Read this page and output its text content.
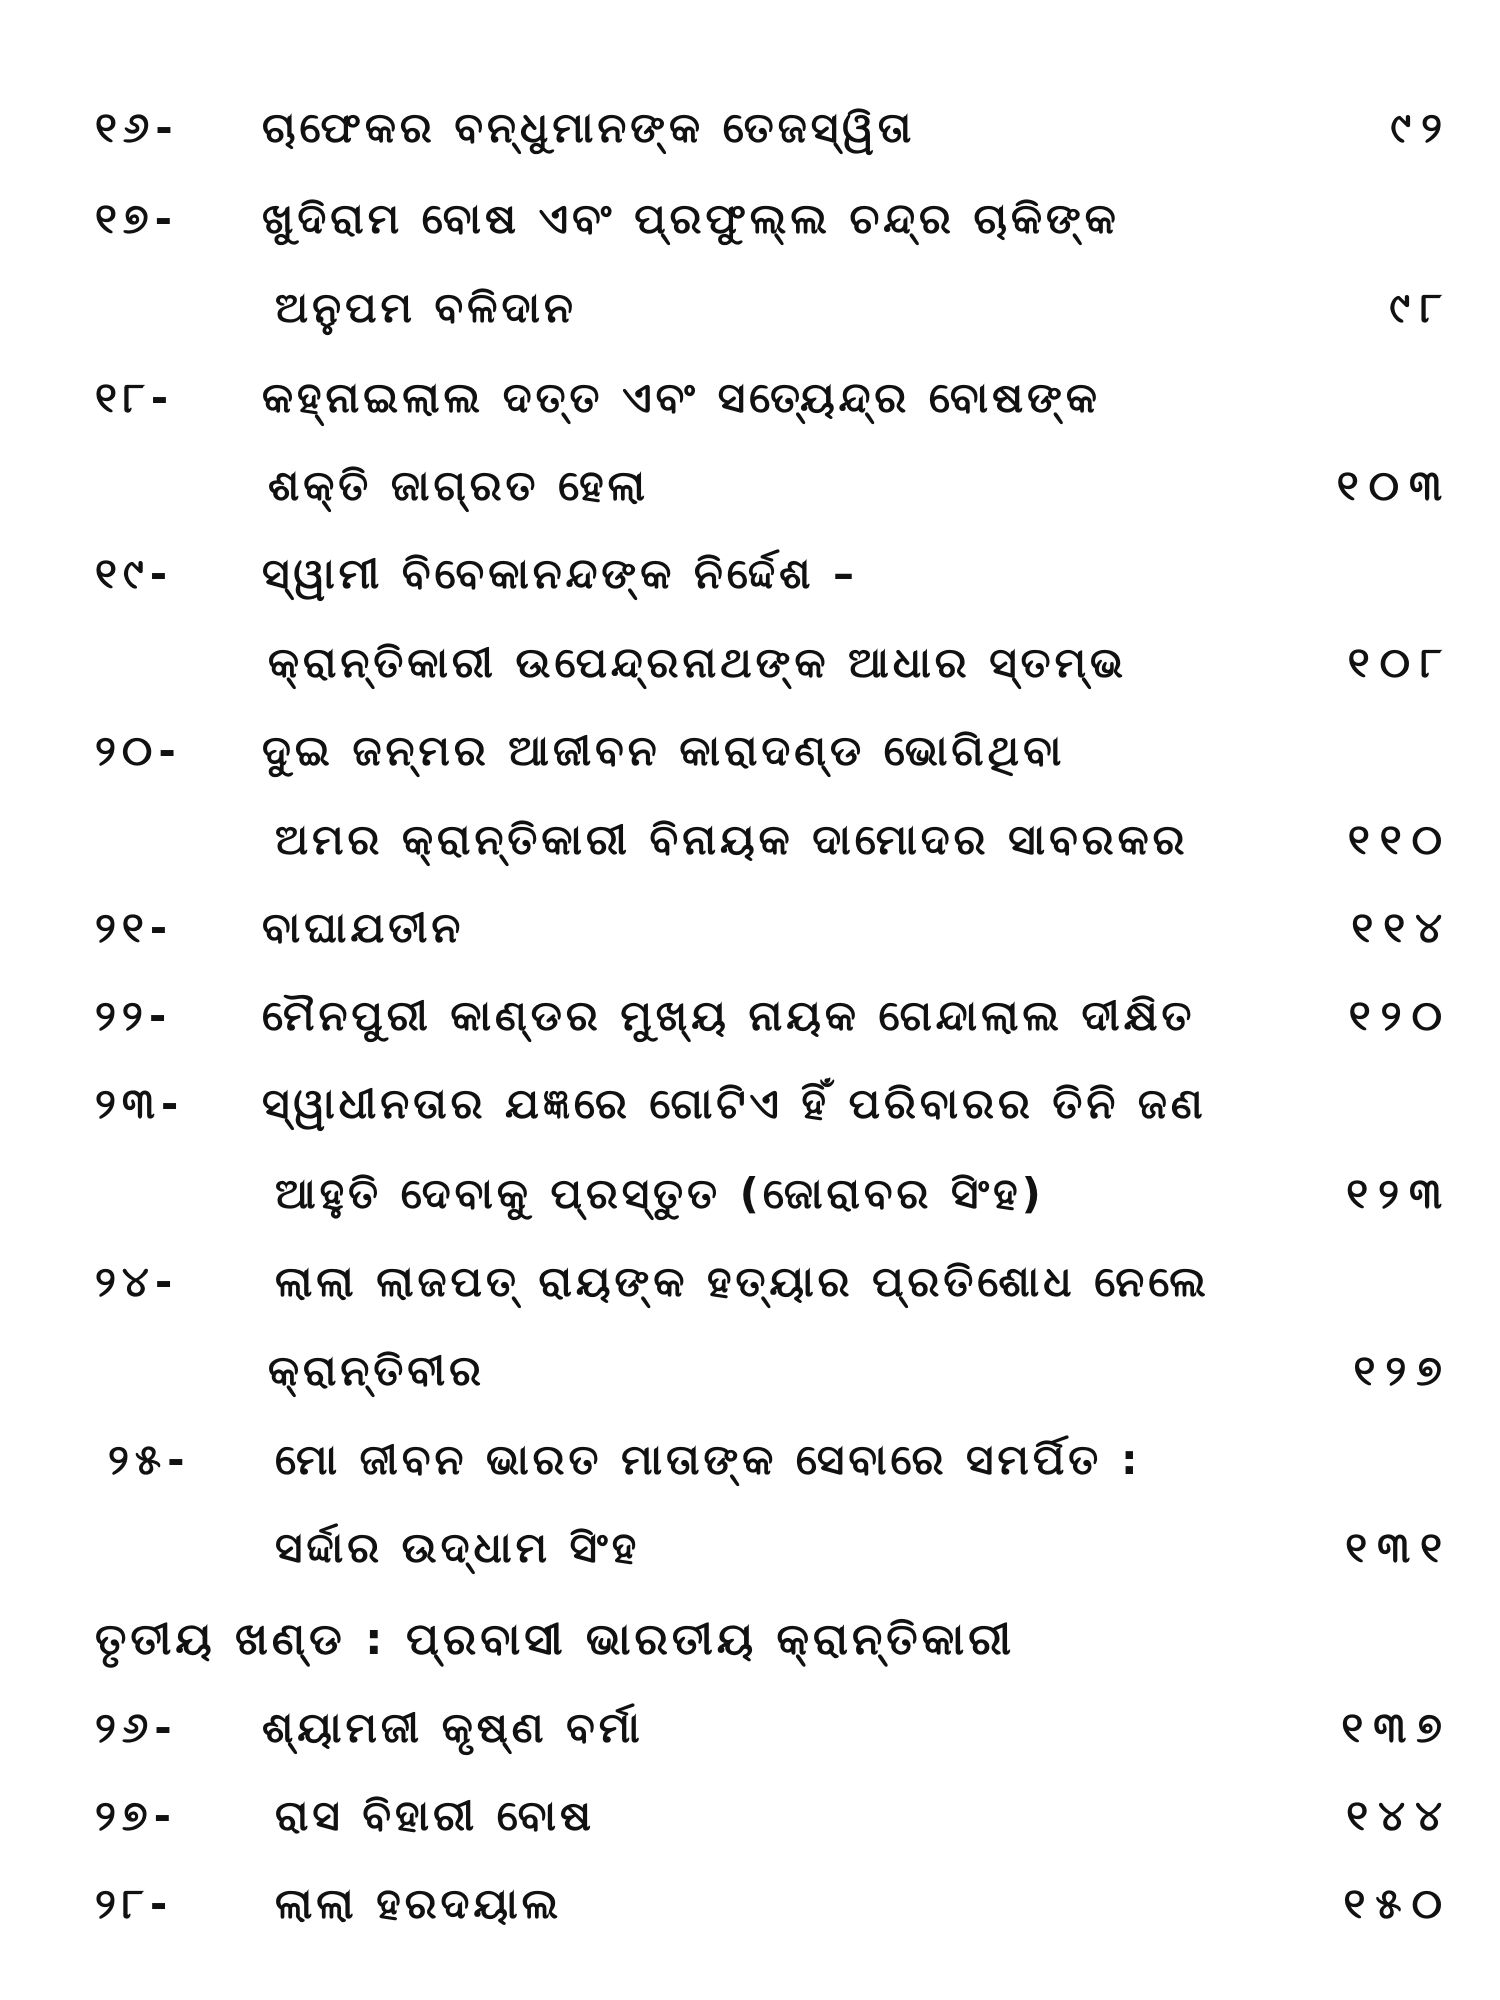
୧୬- ଚାଫେକର ବନ୍ଧୁମାନଙ୍କ ତେଜସ୍ୱିତା	୯୨
୧୭- ଖୁଦିରାମ ବୋଷ ଏବଂ ପ୍ରଫୁଲ୍ଲ ଚନ୍ଦ୍ର ଚାକିଙ୍କ
ଅନୁପମ ବଳିଦାନ	୯୮
୧୮- କହ୍ନାଇଲାଲ ଦତ୍ତ ଏବଂ ସତ୍ୟେନ୍ଦ୍ର ବୋଷଙ୍କ
ଶକ୍ତି ଜାଗ୍ରତ ହେଲା	୧୦୩
୧୯- ସ୍ୱାମୀ ବିବେକାନନ୍ଦଙ୍କ ନିର୍ଦ୍ଦେଶ –
କ୍ରାନ୍ତିକାରୀ ଉପେନ୍ଦ୍ରନାଥଙ୍କ ଆଧାର ସ୍ତମ୍ଭ	୧୦୮
୨୦- ଦୁଇ ଜନ୍ମର ଆଜୀବନ କାରାଦଣ୍ଡ ଭୋଗିଥିବା
ଅମର କ୍ରାନ୍ତିକାରୀ ବିନାୟକ ଦାମୋଦର ସାବରକର	୧୧୦
୨୧- ବାଘାଯତୀନ	୧୧୪
୨୨- ମୈନପୁରୀ କାଣ୍ଡର ମୁଖ୍ୟ ନାୟକ ଗେନ୍ଦାଲାଲ ଦୀକ୍ଷିତ	୧୨୦
୨୩- ସ୍ୱାଧୀନତାର ଯଜ୍ଞରେ ଗୋଟିଏ ହିଁ ପରିବାରର ତିନି ଜଣ
ଆହୁତି ଦେବାକୁ ପ୍ରସ୍ତୁତ (ଜୋରାବର ସିଂହ)	୧୨୩
୨୪- ଲାଲା ଲାଜପତ୍ ରାୟଙ୍କ ହତ୍ୟାର ପ୍ରତିଶୋଧ ନେଲେ
କ୍ରାନ୍ତିବୀର	୧୨୭
୨୫- ମୋ ଜୀବନ ଭାରତ ମାତାଙ୍କ ସେବାରେ ସମର୍ପିତ :
ସର୍ଦ୍ଦାର ଉଦ୍ଧାମ ସିଂହ	୧୩୧
ତୃତୀୟ ଖଣ୍ଡ : ପ୍ରବାସୀ ଭାରତୀୟ କ୍ରାନ୍ତିକାରୀ
୨୬- ଶ୍ୟାମଜୀ କୃଷ୍ଣ ବର୍ମା	୧୩୭
୨୭- ରାସ ବିହାରୀ ବୋଷ	୧୪୪
୨୮- ଲାଲା ହରଦୟାଲ	୧୫୦
